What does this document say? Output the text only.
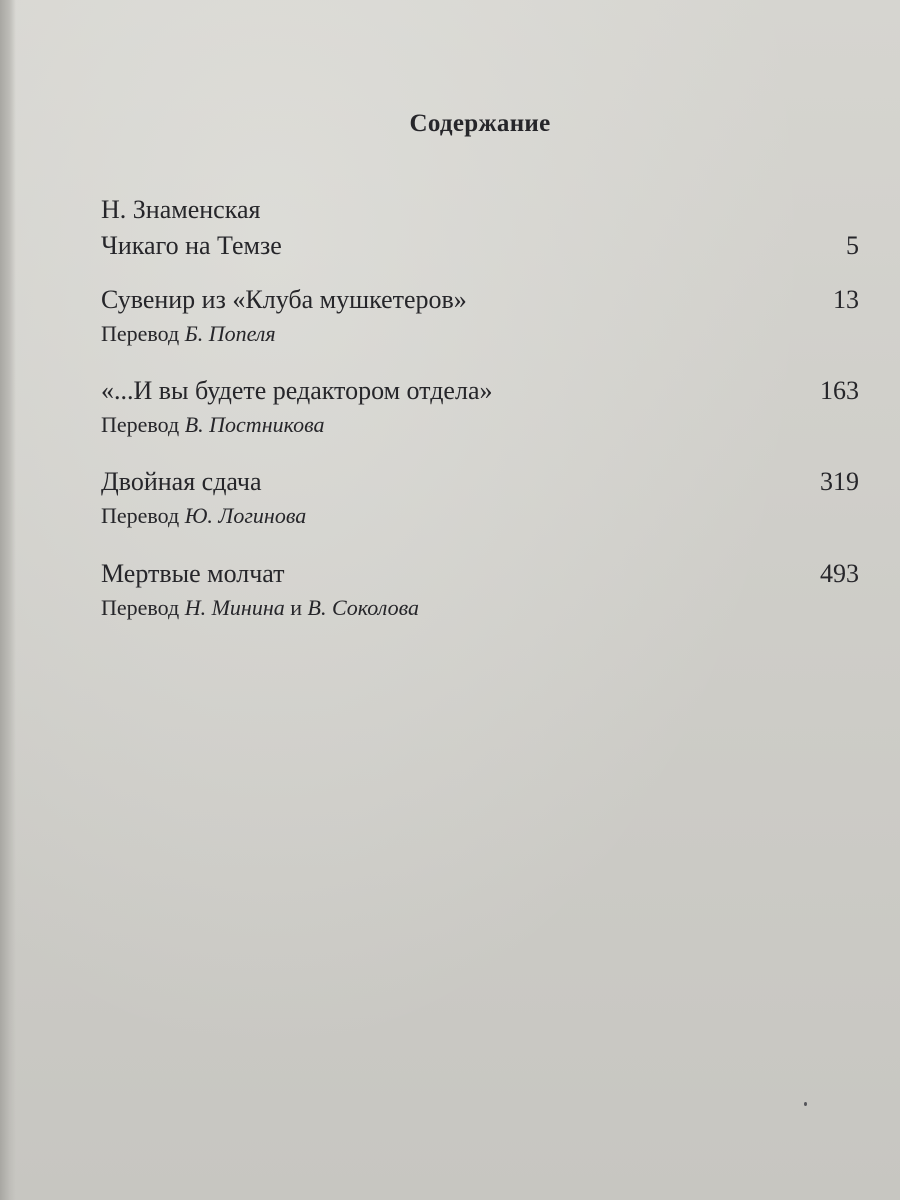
Содержание
Н. Знаменская
Чикаго на Темзе	5
Сувенир из «Клуба мушкетеров»	13
Перевод Б. Попеля
«...И вы будете редактором отдела»	163
Перевод В. Постникова
Двойная сдача	319
Перевод Ю. Логинова
Мертвые молчат	493
Перевод Н. Минина и В. Соколова
